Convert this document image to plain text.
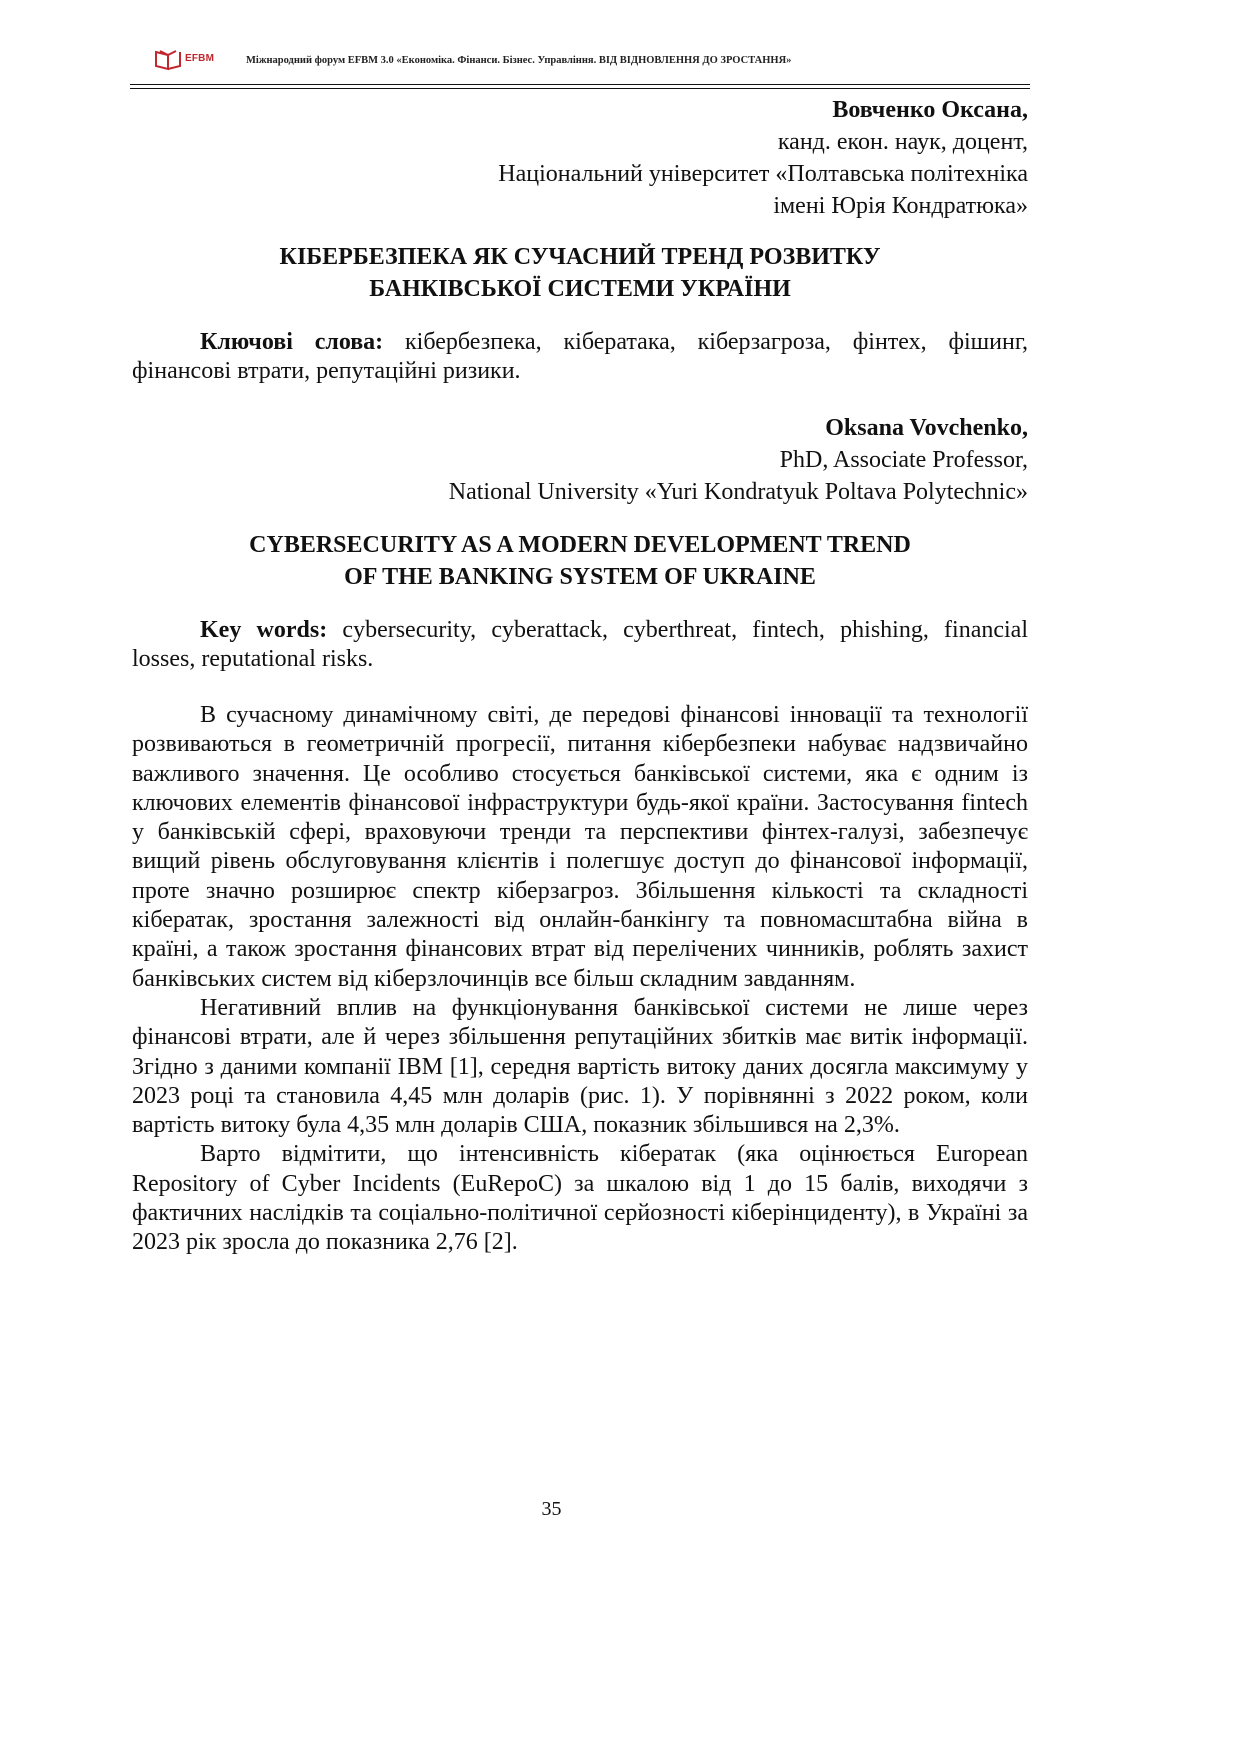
EFBM	Міжнародний форум EFBM 3.0 «Економіка. Фінанси. Бізнес. Управління. ВІД ВІДНОВЛЕННЯ ДО ЗРОСТАННЯ»
Вовченко Оксана,
канд. екон. наук, доцент,
Національний університет «Полтавська політехніка
імені Юрія Кондратюка»
КІБЕРБЕЗПЕКА ЯК СУЧАСНИЙ ТРЕНД РОЗВИТКУ
БАНКІВСЬКОЇ СИСТЕМИ УКРАЇНИ
Ключові слова: кібербезпека, кібератака, кіберзагроза, фінтех, фішинг, фінансові втрати, репутаційні ризики.
Oksana Vovchenko,
PhD, Associate Professor,
National University «Yuri Kondratyuk Poltava Polytechnic»
CYBERSECURITY AS A MODERN DEVELOPMENT TREND
OF THE BANKING SYSTEM OF UKRAINE
Key words: cybersecurity, cyberattack, cyberthreat, fintech, phishing, financial losses, reputational risks.

В сучасному динамічному світі, де передові фінансові інновації та технології розвиваються в геометричній прогресії, питання кібербезпеки набуває надзвичайно важливого значення. Це особливо стосується банківської системи, яка є одним із ключових елементів фінансової інфраструктури будь-якої країни. Застосування fintech у банківській сфері, враховуючи тренди та перспективи фінтех-галузі, забезпечує вищий рівень обслуговування клієнтів і полегшує доступ до фінансової інформації, проте значно розширює спектр кіберзагроз. Збільшення кількості та складності кібератак, зростання залежності від онлайн-банкінгу та повномасштабна війна в країні, а також зростання фінансових втрат від перелічених чинників, роблять захист банківських систем від кіберзлочинців все більш складним завданням.

Негативний вплив на функціонування банківської системи не лише через фінансові втрати, але й через збільшення репутаційних збитків має витік інформації. Згідно з даними компанії IBM [1], середня вартість витоку даних досягла максимуму у 2023 році та становила 4,45 млн доларів (рис. 1). У порівнянні з 2022 роком, коли вартість витоку була 4,35 млн доларів США, показник збільшився на 2,3%.

Варто відмітити, що інтенсивність кібератак (яка оцінюється European Repository of Cyber Incidents (EuRepoC) за шкалою від 1 до 15 балів, виходячи з фактичних наслідків та соціально-політичної серйозності кіберінциденту), в Україні за 2023 рік зросла до показника 2,76 [2].

35
